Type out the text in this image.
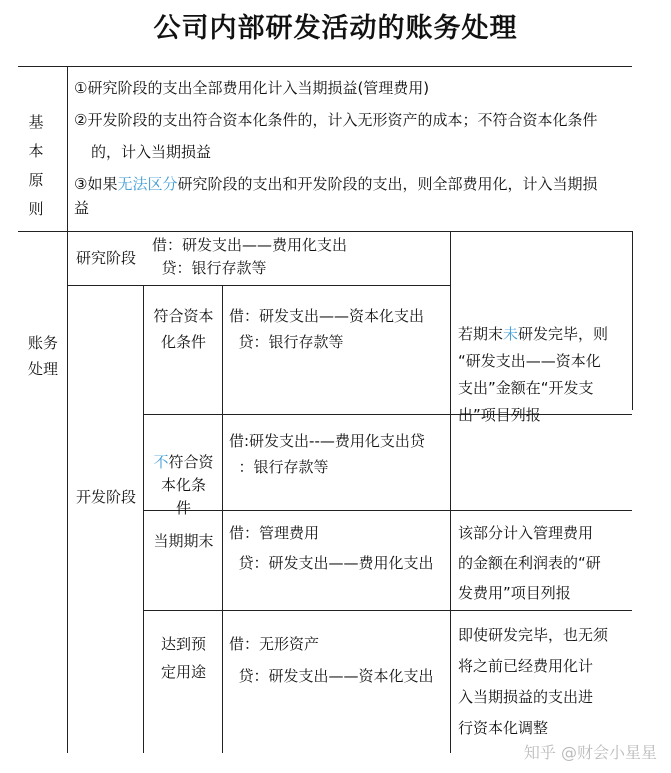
公司内部研发活动的账务处理
基
本
原
则
①研究阶段的支出全部费用化计入当期损益(管理费用)
②开发阶段的支出符合资本化条件的，计入无形资产的成本；不符合资本化条件
的，计入当期损益
③如果无法区分研究阶段的支出和开发阶段的支出，则全部费用化，计入当期损
益
账务
处理
研究阶段
借：研发支出——费用化支出
贷：银行存款等
开发阶段
符合资本
化条件
借：研发支出——资本化支出
贷：银行存款等	若期末未研发完毕，则
“研发支出——资本化
支出”金额在“开发支
出”项目列报

不符合资
本化条
件

借:研发支出--—费用化支出贷
：银行存款等
当期期末	借：管理费用
贷：研发支出——费用化支出
该部分计入管理费用
的金额在利润表的“研
发费用”项目列报
达到预
定用途
借：无形资产
贷：研发支出——资本化支出
即使研发完毕，也无须
将之前已经费用化计
入当期损益的支出进
行资本化调整
知乎 @财会小星星
